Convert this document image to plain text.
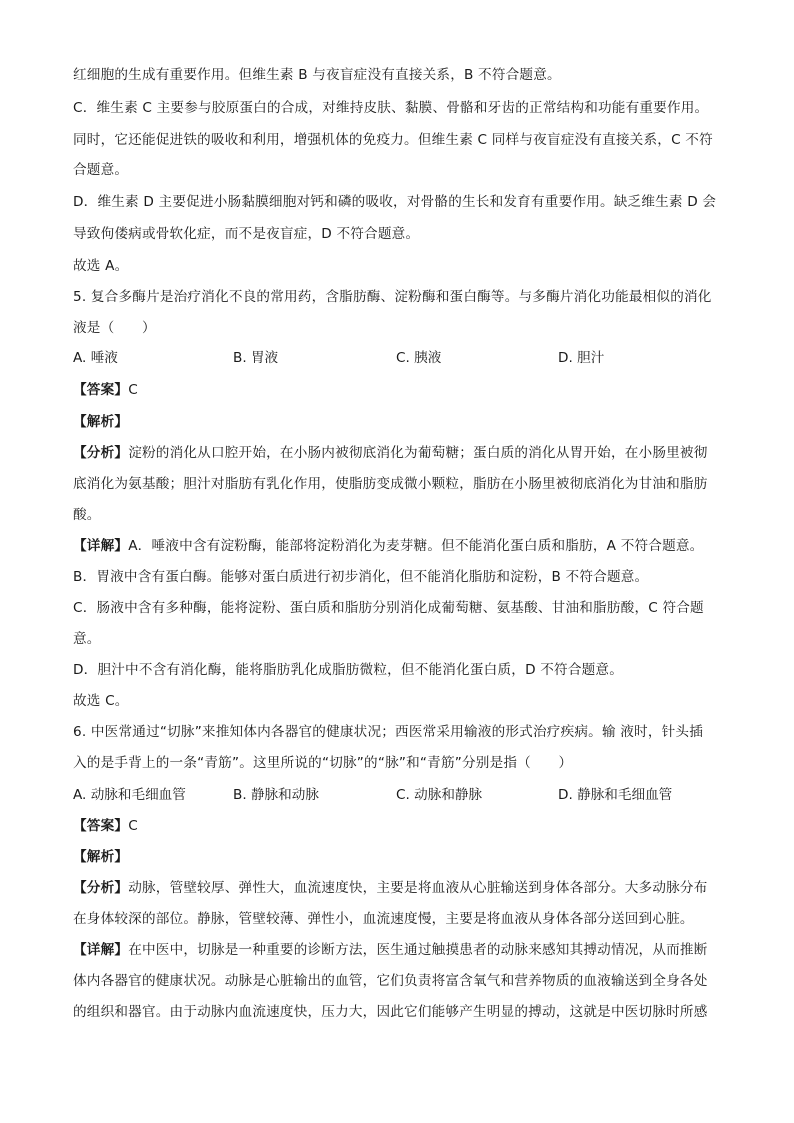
红细胞的生成有重要作用。但维生素 B 与夜盲症没有直接关系，B 不符合题意。
C．维生素 C 主要参与胶原蛋白的合成，对维持皮肤、黏膜、骨骼和牙齿的正常结构和功能有重要作用。
同时，它还能促进铁的吸收和利用，增强机体的免疫力。但维生素 C 同样与夜盲症没有直接关系，C 不符
合题意。
D．维生素 D 主要促进小肠黏膜细胞对钙和磷的吸收，对骨骼的生长和发育有重要作用。缺乏维生素 D 会
导致佝偻病或骨软化症，而不是夜盲症，D 不符合题意。
故选 A。
5. 复合多酶片是治疗消化不良的常用药，含脂肪酶、淀粉酶和蛋白酶等。与多酶片消化功能最相似的消化
液是（　　）
A. 唾液	B. 胃液	C. 胰液	D. 胆汁
【答案】C
【解析】
【分析】淀粉的消化从口腔开始，在小肠内被彻底消化为葡萄糖；蛋白质的消化从胃开始，在小肠里被彻
底消化为氨基酸；胆汁对脂肪有乳化作用，使脂肪变成微小颗粒，脂肪在小肠里被彻底消化为甘油和脂肪
酸。
【详解】A．唾液中含有淀粉酶，能部将淀粉消化为麦芽糖。但不能消化蛋白质和脂肪，A 不符合题意。
B．胃液中含有蛋白酶。能够对蛋白质进行初步消化，但不能消化脂肪和淀粉，B 不符合题意。
C．肠液中含有多种酶，能将淀粉、蛋白质和脂肪分别消化成葡萄糖、氨基酸、甘油和脂肪酸，C 符合题
意。
D．胆汁中不含有消化酶，能将脂肪乳化成脂肪微粒，但不能消化蛋白质，D 不符合题意。
故选 C。
6. 中医常通过“切脉”来推知体内各器官的健康状况；西医常采用输液的形式治疗疾病。输 液时，针头插
入的是手背上的一条“青筋”。这里所说的“切脉”的“脉”和“青筋”分别是指（　　）
A. 动脉和毛细血管	B. 静脉和动脉	C. 动脉和静脉	D. 静脉和毛细血管
【答案】C
【解析】
【分析】动脉，管壁较厚、弹性大，血流速度快，主要是将血液从心脏输送到身体各部分。大多动脉分布
在身体较深的部位。静脉，管壁较薄、弹性小，血流速度慢，主要是将血液从身体各部分送回到心脏。
【详解】在中医中，切脉是一种重要的诊断方法，医生通过触摸患者的动脉来感知其搏动情况，从而推断
体内各器官的健康状况。动脉是心脏输出的血管，它们负责将富含氧气和营养物质的血液输送到全身各处
的组织和器官。由于动脉内血流速度快，压力大，因此它们能够产生明显的搏动，这就是中医切脉时所感
